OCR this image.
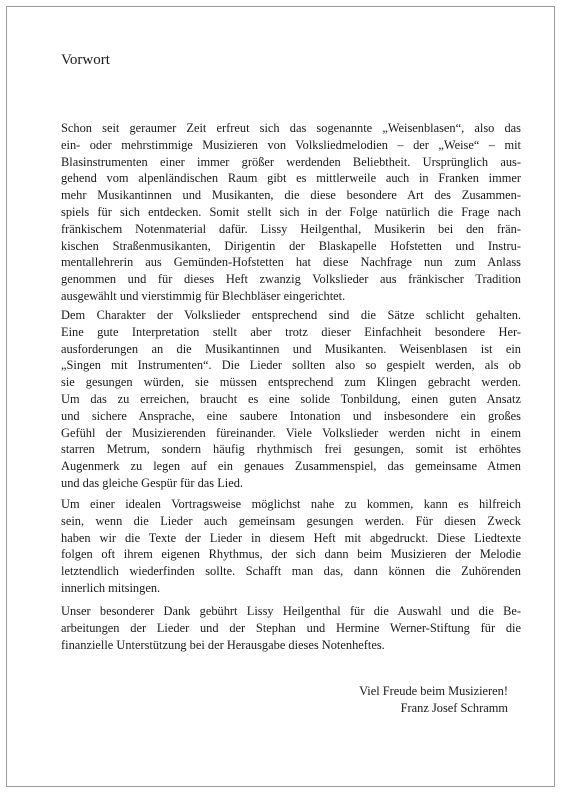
Vorwort
Schon seit geraumer Zeit erfreut sich das sogenannte „Weisenblasen“, also das
ein- oder mehrstimmige Musizieren von Volksliedmelodien – der „Weise“ – mit
Blasinstrumenten einer immer größer werdenden Beliebtheit. Ursprünglich aus-
gehend vom alpenländischen Raum gibt es mittlerweile auch in Franken immer
mehr Musikantinnen und Musikanten, die diese besondere Art des Zusammen-
spiels für sich entdecken. Somit stellt sich in der Folge natürlich die Frage nach
fränkischem Notenmaterial dafür. Lissy Heilgenthal, Musikerin bei den frän-
kischen Straßenmusikanten, Dirigentin der Blaskapelle Hofstetten und Instru-
mentallehrerin aus Gemünden-Hofstetten hat diese Nachfrage nun zum Anlass
genommen und für dieses Heft zwanzig Volkslieder aus fränkischer Tradition
ausgewählt und vierstimmig für Blechbläser eingerichtet.
Dem Charakter der Volkslieder entsprechend sind die Sätze schlicht gehalten.
Eine gute Interpretation stellt aber trotz dieser Einfachheit besondere Her-
ausforderungen an die Musikantinnen und Musikanten. Weisenblasen ist ein
„Singen mit Instrumenten“. Die Lieder sollten also so gespielt werden, als ob
sie gesungen würden, sie müssen entsprechend zum Klingen gebracht werden.
Um das zu erreichen, braucht es eine solide Tonbildung, einen guten Ansatz
und sichere Ansprache, eine saubere Intonation und insbesondere ein großes
Gefühl der Musizierenden füreinander. Viele Volkslieder werden nicht in einem
starren Metrum, sondern häufig rhythmisch frei gesungen, somit ist erhöhtes
Augenmerk zu legen auf ein genaues Zusammenspiel, das gemeinsame Atmen
und das gleiche Gespür für das Lied.
Um einer idealen Vortragsweise möglichst nahe zu kommen, kann es hilfreich
sein, wenn die Lieder auch gemeinsam gesungen werden. Für diesen Zweck
haben wir die Texte der Lieder in diesem Heft mit abgedruckt. Diese Liedtexte
folgen oft ihrem eigenen Rhythmus, der sich dann beim Musizieren der Melodie
letztendlich wiederfinden sollte. Schafft man das, dann können die Zuhörenden
innerlich mitsingen.
Unser besonderer Dank gebührt Lissy Heilgenthal für die Auswahl und die Be-
arbeitungen der Lieder und der Stephan und Hermine Werner-Stiftung für die
finanzielle Unterstützung bei der Herausgabe dieses Notenheftes.
Viel Freude beim Musizieren!
Franz Josef Schramm
